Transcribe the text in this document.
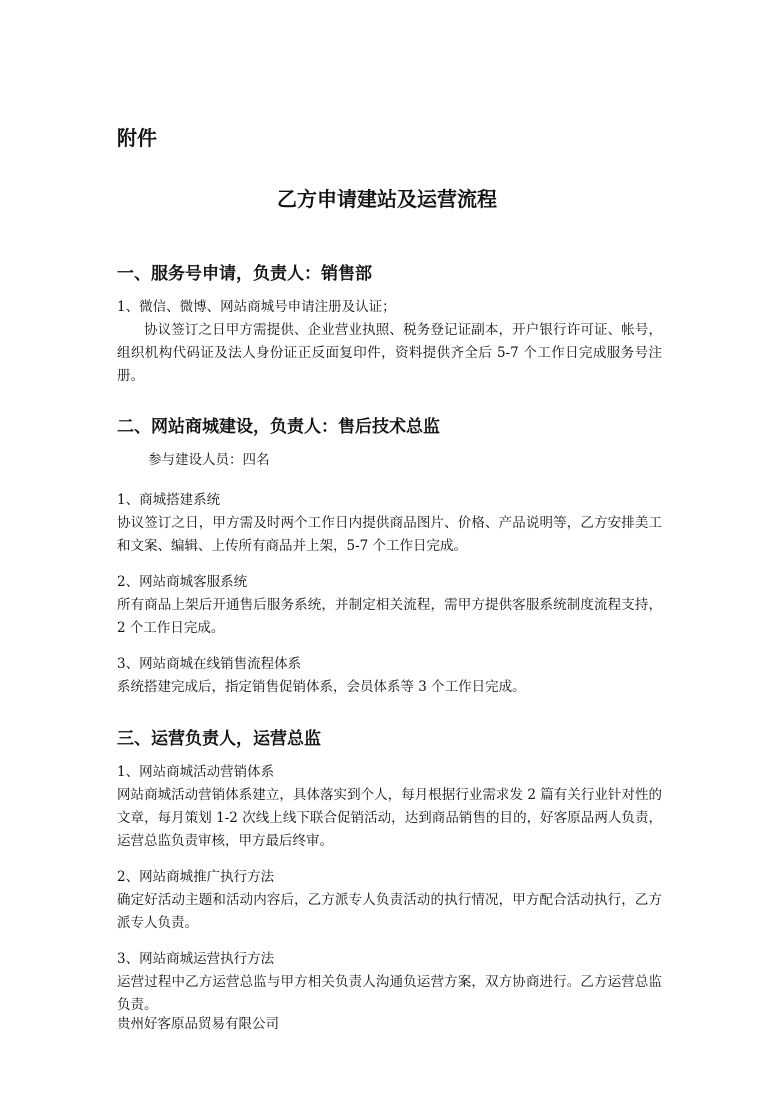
附件
乙方申请建站及运营流程

一、服务号申请，负责人：销售部

1、微信、微博、网站商城号申请注册及认证；

协议签订之日甲方需提供、企业营业执照、税务登记证副本，开户银行许可证、帐号，组织机构代码证及法人身份证正反面复印件，资料提供齐全后 5-7 个工作日完成服务号注册。

二、网站商城建设，负责人：售后技术总监

参与建设人员：四名

1、商城搭建系统

协议签订之日，甲方需及时两个工作日内提供商品图片、价格、产品说明等，乙方安排美工和文案、编辑、上传所有商品并上架，5-7 个工作日完成。

2、网站商城客服系统

所有商品上架后开通售后服务系统，并制定相关流程，需甲方提供客服系统制度流程支持，2 个工作日完成。

3、网站商城在线销售流程体系

系统搭建完成后，指定销售促销体系，会员体系等 3 个工作日完成。

三、运营负责人，运营总监

1、网站商城活动营销体系

网站商城活动营销体系建立，具体落实到个人，每月根据行业需求发 2 篇有关行业针对性的文章，每月策划 1-2 次线上线下联合促销活动，达到商品销售的目的，好客原品两人负责，运营总监负责审核，甲方最后终审。

2、网站商城推广执行方法

确定好活动主题和活动内容后，乙方派专人负责活动的执行情况，甲方配合活动执行，乙方派专人负责。

3、网站商城运营执行方法

运营过程中乙方运营总监与甲方相关负责人沟通负运营方案，双方协商进行。乙方运营总监负责。

贵州好客原品贸易有限公司
